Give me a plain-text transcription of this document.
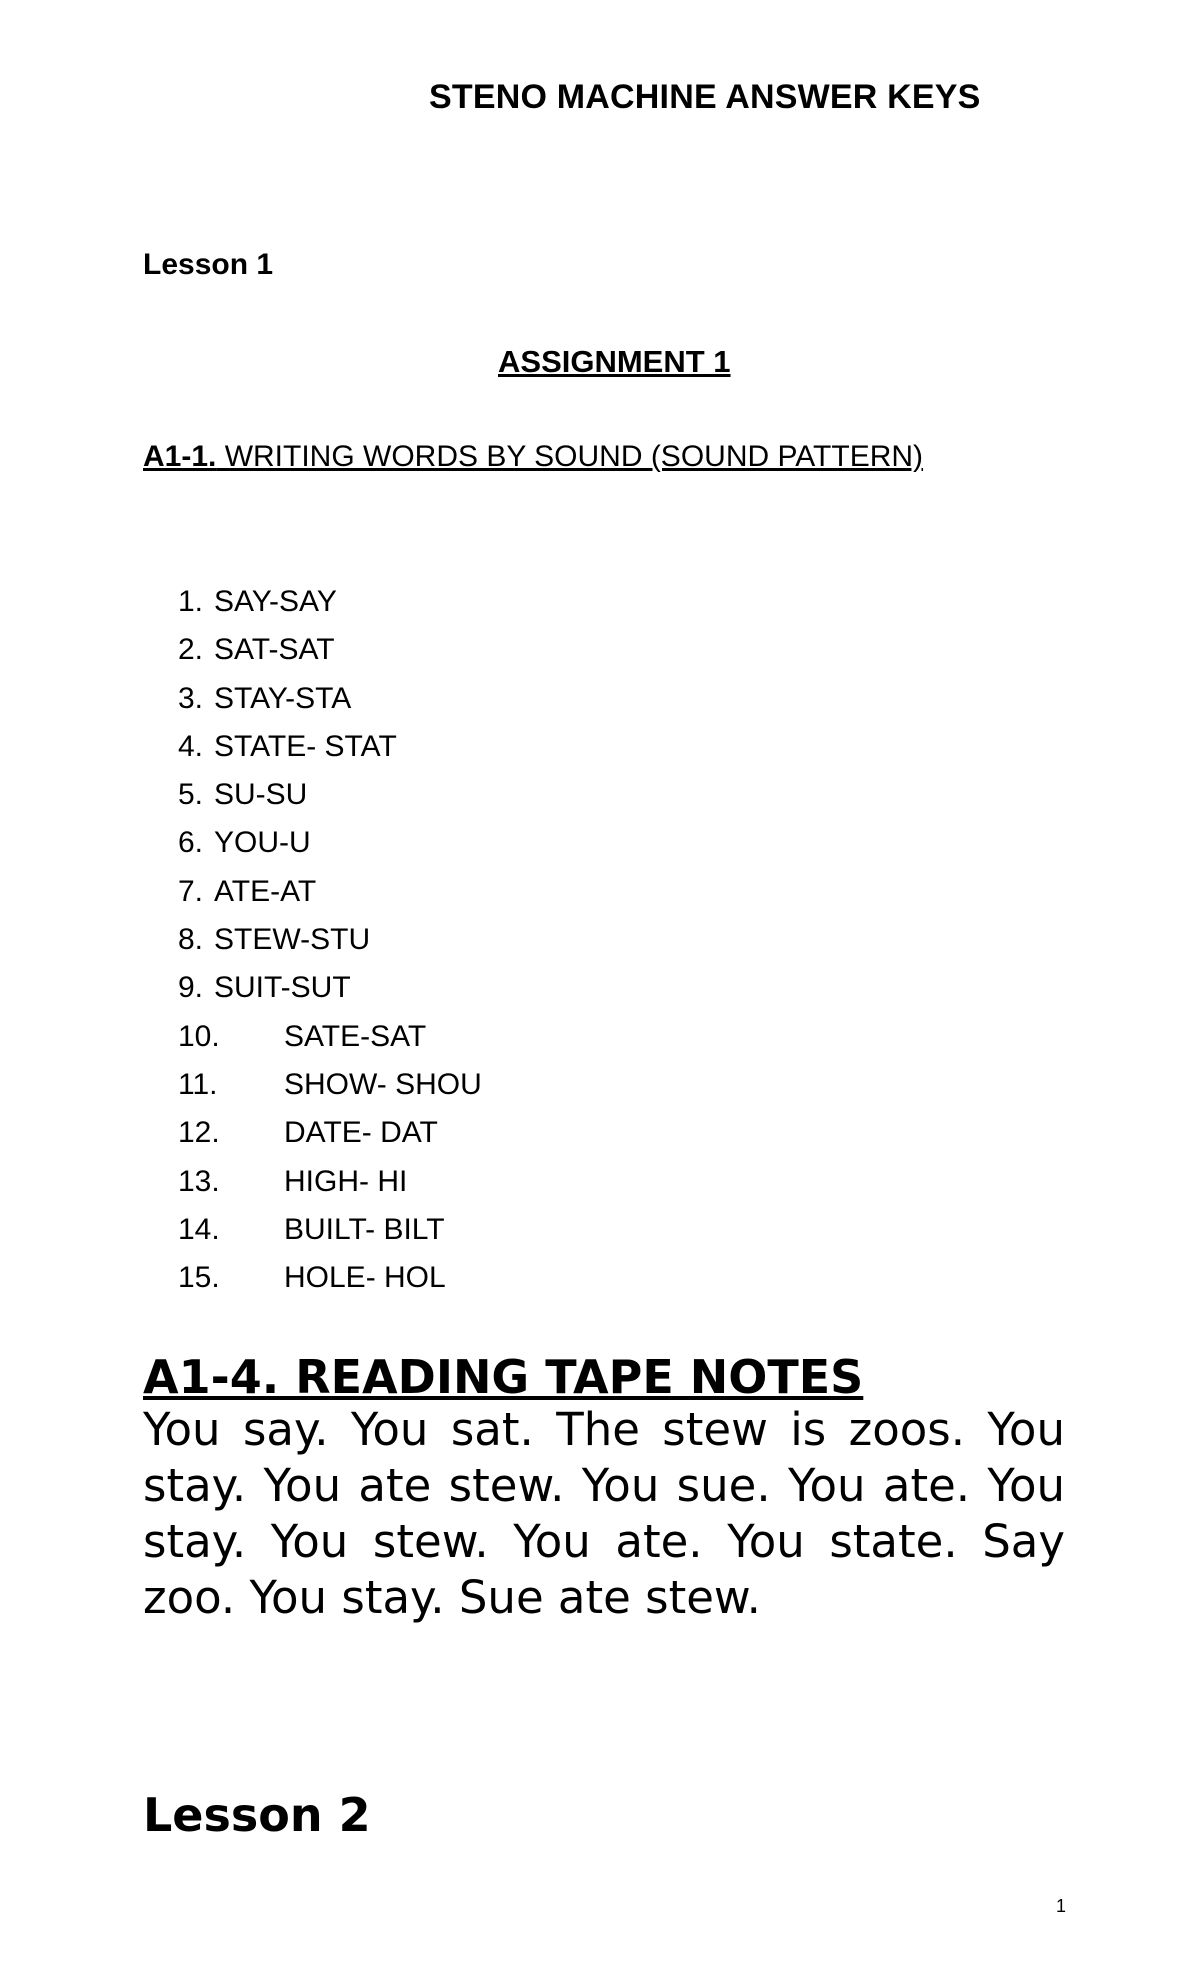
STENO MACHINE ANSWER KEYS
Lesson 1
ASSIGNMENT 1
A1-1. WRITING WORDS BY SOUND (SOUND PATTERN)
1. SAY-SAY
2. SAT-SAT
3. STAY-STA
4. STATE- STAT
5. SU-SU
6. YOU-U
7. ATE-AT
8. STEW-STU
9. SUIT-SUT
10. SATE-SAT
11. SHOW- SHOU
12. DATE- DAT
13. HIGH- HI
14. BUILT- BILT
15. HOLE- HOL
A1-4. READING TAPE NOTES

You say. You sat. The stew is zoos. You stay. You ate stew. You sue. You ate. You stay. You stew. You ate. You state. Say zoo. You stay. Sue ate stew.

Lesson 2
1
